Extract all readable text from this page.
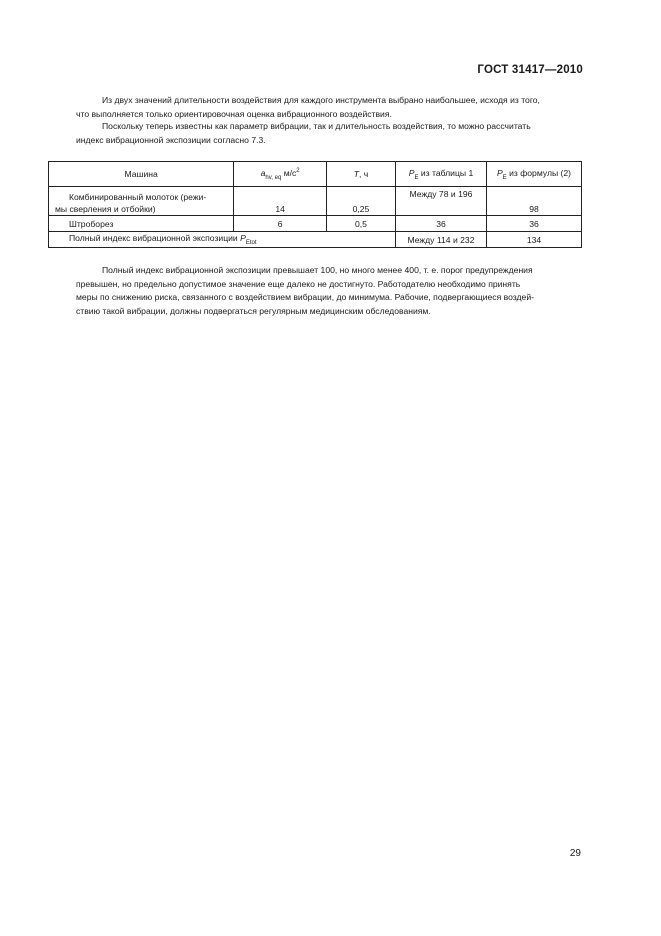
ГОСТ 31417—2010
Из двух значений длительности воздействия для каждого инструмента выбрано наибольшее, исходя из того,
что выполняется только ориентировочная оценка вибрационного воздействия.
Поскольку теперь известны как параметр вибрации, так и длительность воздействия, то можно рассчитать
индекс вибрационной экспозиции согласно 7.3.
Машина	$a_{hv, eq}$ $м/с^2$	T, ч	$P_E$ из таблицы 1	$P_E$ из формулы (2)

Комбинированный молоток (режи-
мы сверления и отбойки)	14	0,25	Между 78 и 196	98
Штроборез	6	0,5	36	36
Полный индекс вибрационной экспозиции $P_{Etot}$			Между 114 и 232	134
Полный индекс вибрационной экспозиции превышает 100, но много менее 400, т. е. порог предупреждения
превышен, но предельно допустимое значение еще далеко не достигнуто. Работодателю необходимо принять
меры по снижению риска, связанного с воздействием вибрации, до минимума. Рабочие, подвергающиеся воздей-
ствию такой вибрации, должны подвергаться регулярным медицинским обследованиям.
29
